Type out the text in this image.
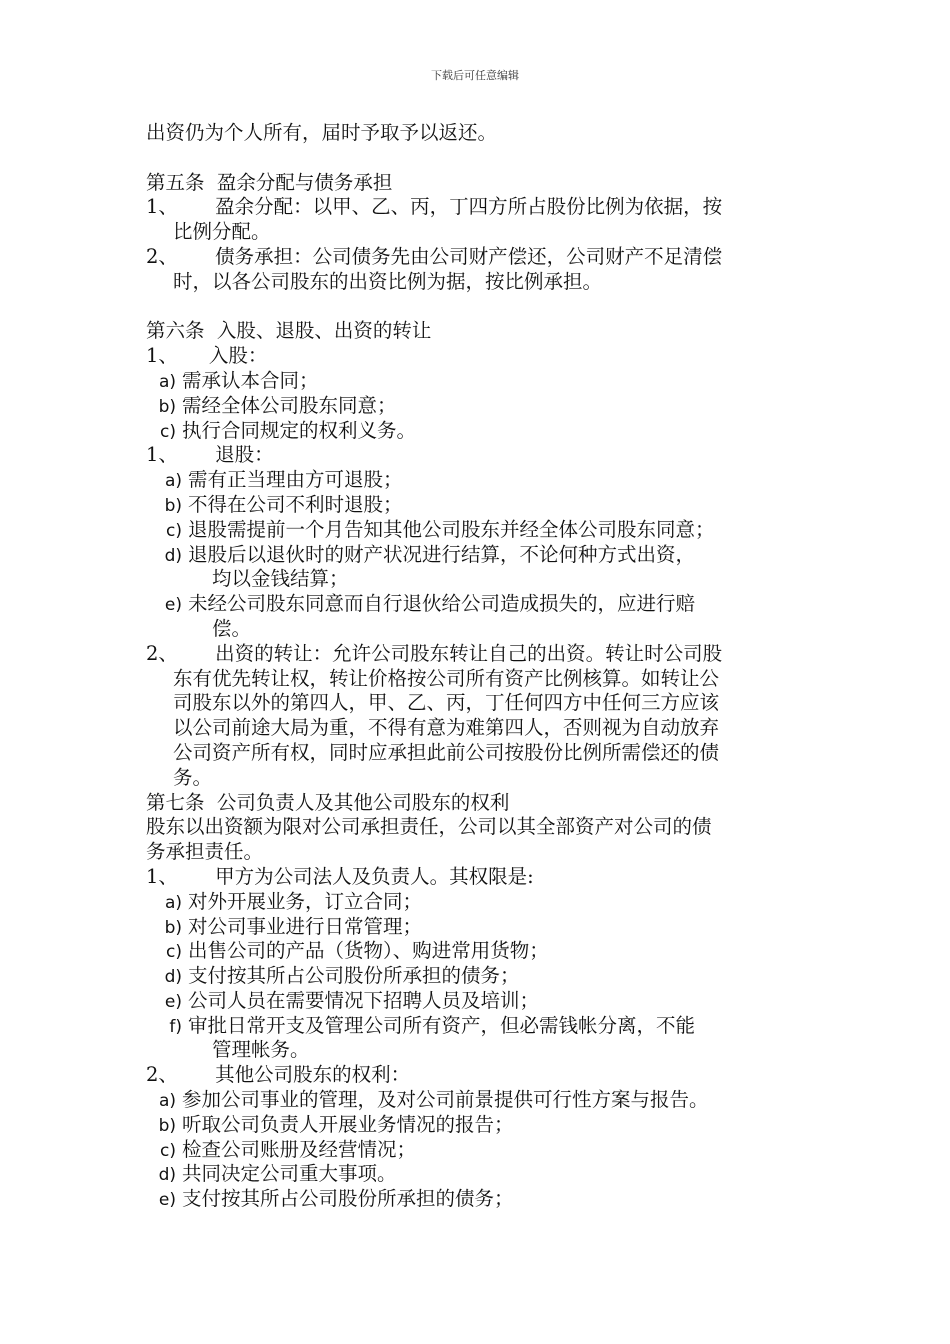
下载后可任意编辑
出资仍为个人所有，届时予取予以返还。
第五条  盈余分配与债务承担
1、      盈余分配：以甲、乙、丙，丁四方所占股份比例为依据，按
比例分配。
2、      债务承担：公司债务先由公司财产偿还，公司财产不足清偿
时，以各公司股东的出资比例为据，按比例承担。
第六条  入股、退股、出资的转让
1、     入股：
a) 需承认本合同；
b) 需经全体公司股东同意；
c) 执行合同规定的权利义务。
1、      退股：
a) 需有正当理由方可退股；
b) 不得在公司不利时退股；
c) 退股需提前一个月告知其他公司股东并经全体公司股东同意；
d) 退股后以退伙时的财产状况进行结算，不论何种方式出资，
均以金钱结算；
e) 未经公司股东同意而自行退伙给公司造成损失的，应进行赔
偿。
2、      出资的转让：允许公司股东转让自己的出资。转让时公司股
东有优先转让权，转让价格按公司所有资产比例核算。如转让公
司股东以外的第四人，甲、乙、丙，丁任何四方中任何三方应该
以公司前途大局为重，不得有意为难第四人，否则视为自动放弃
公司资产所有权，同时应承担此前公司按股份比例所需偿还的债
务。
第七条  公司负责人及其他公司股东的权利
股东以出资额为限对公司承担责任，公司以其全部资产对公司的债
务承担责任。
1、      甲方为公司法人及负责人。其权限是:
a) 对外开展业务，订立合同；
b) 对公司事业进行日常管理；
c) 出售公司的产品（货物）、购进常用货物；
d) 支付按其所占公司股份所承担的债务；
e) 公司人员在需要情况下招聘人员及培训；
f) 审批日常开支及管理公司所有资产，但必需钱帐分离，不能
管理帐务。
2、      其他公司股东的权利：
a) 参加公司事业的管理，及对公司前景提供可行性方案与报告。
b) 听取公司负责人开展业务情况的报告；
c) 检查公司账册及经营情况；
d) 共同决定公司重大事项。
e) 支付按其所占公司股份所承担的债务；
